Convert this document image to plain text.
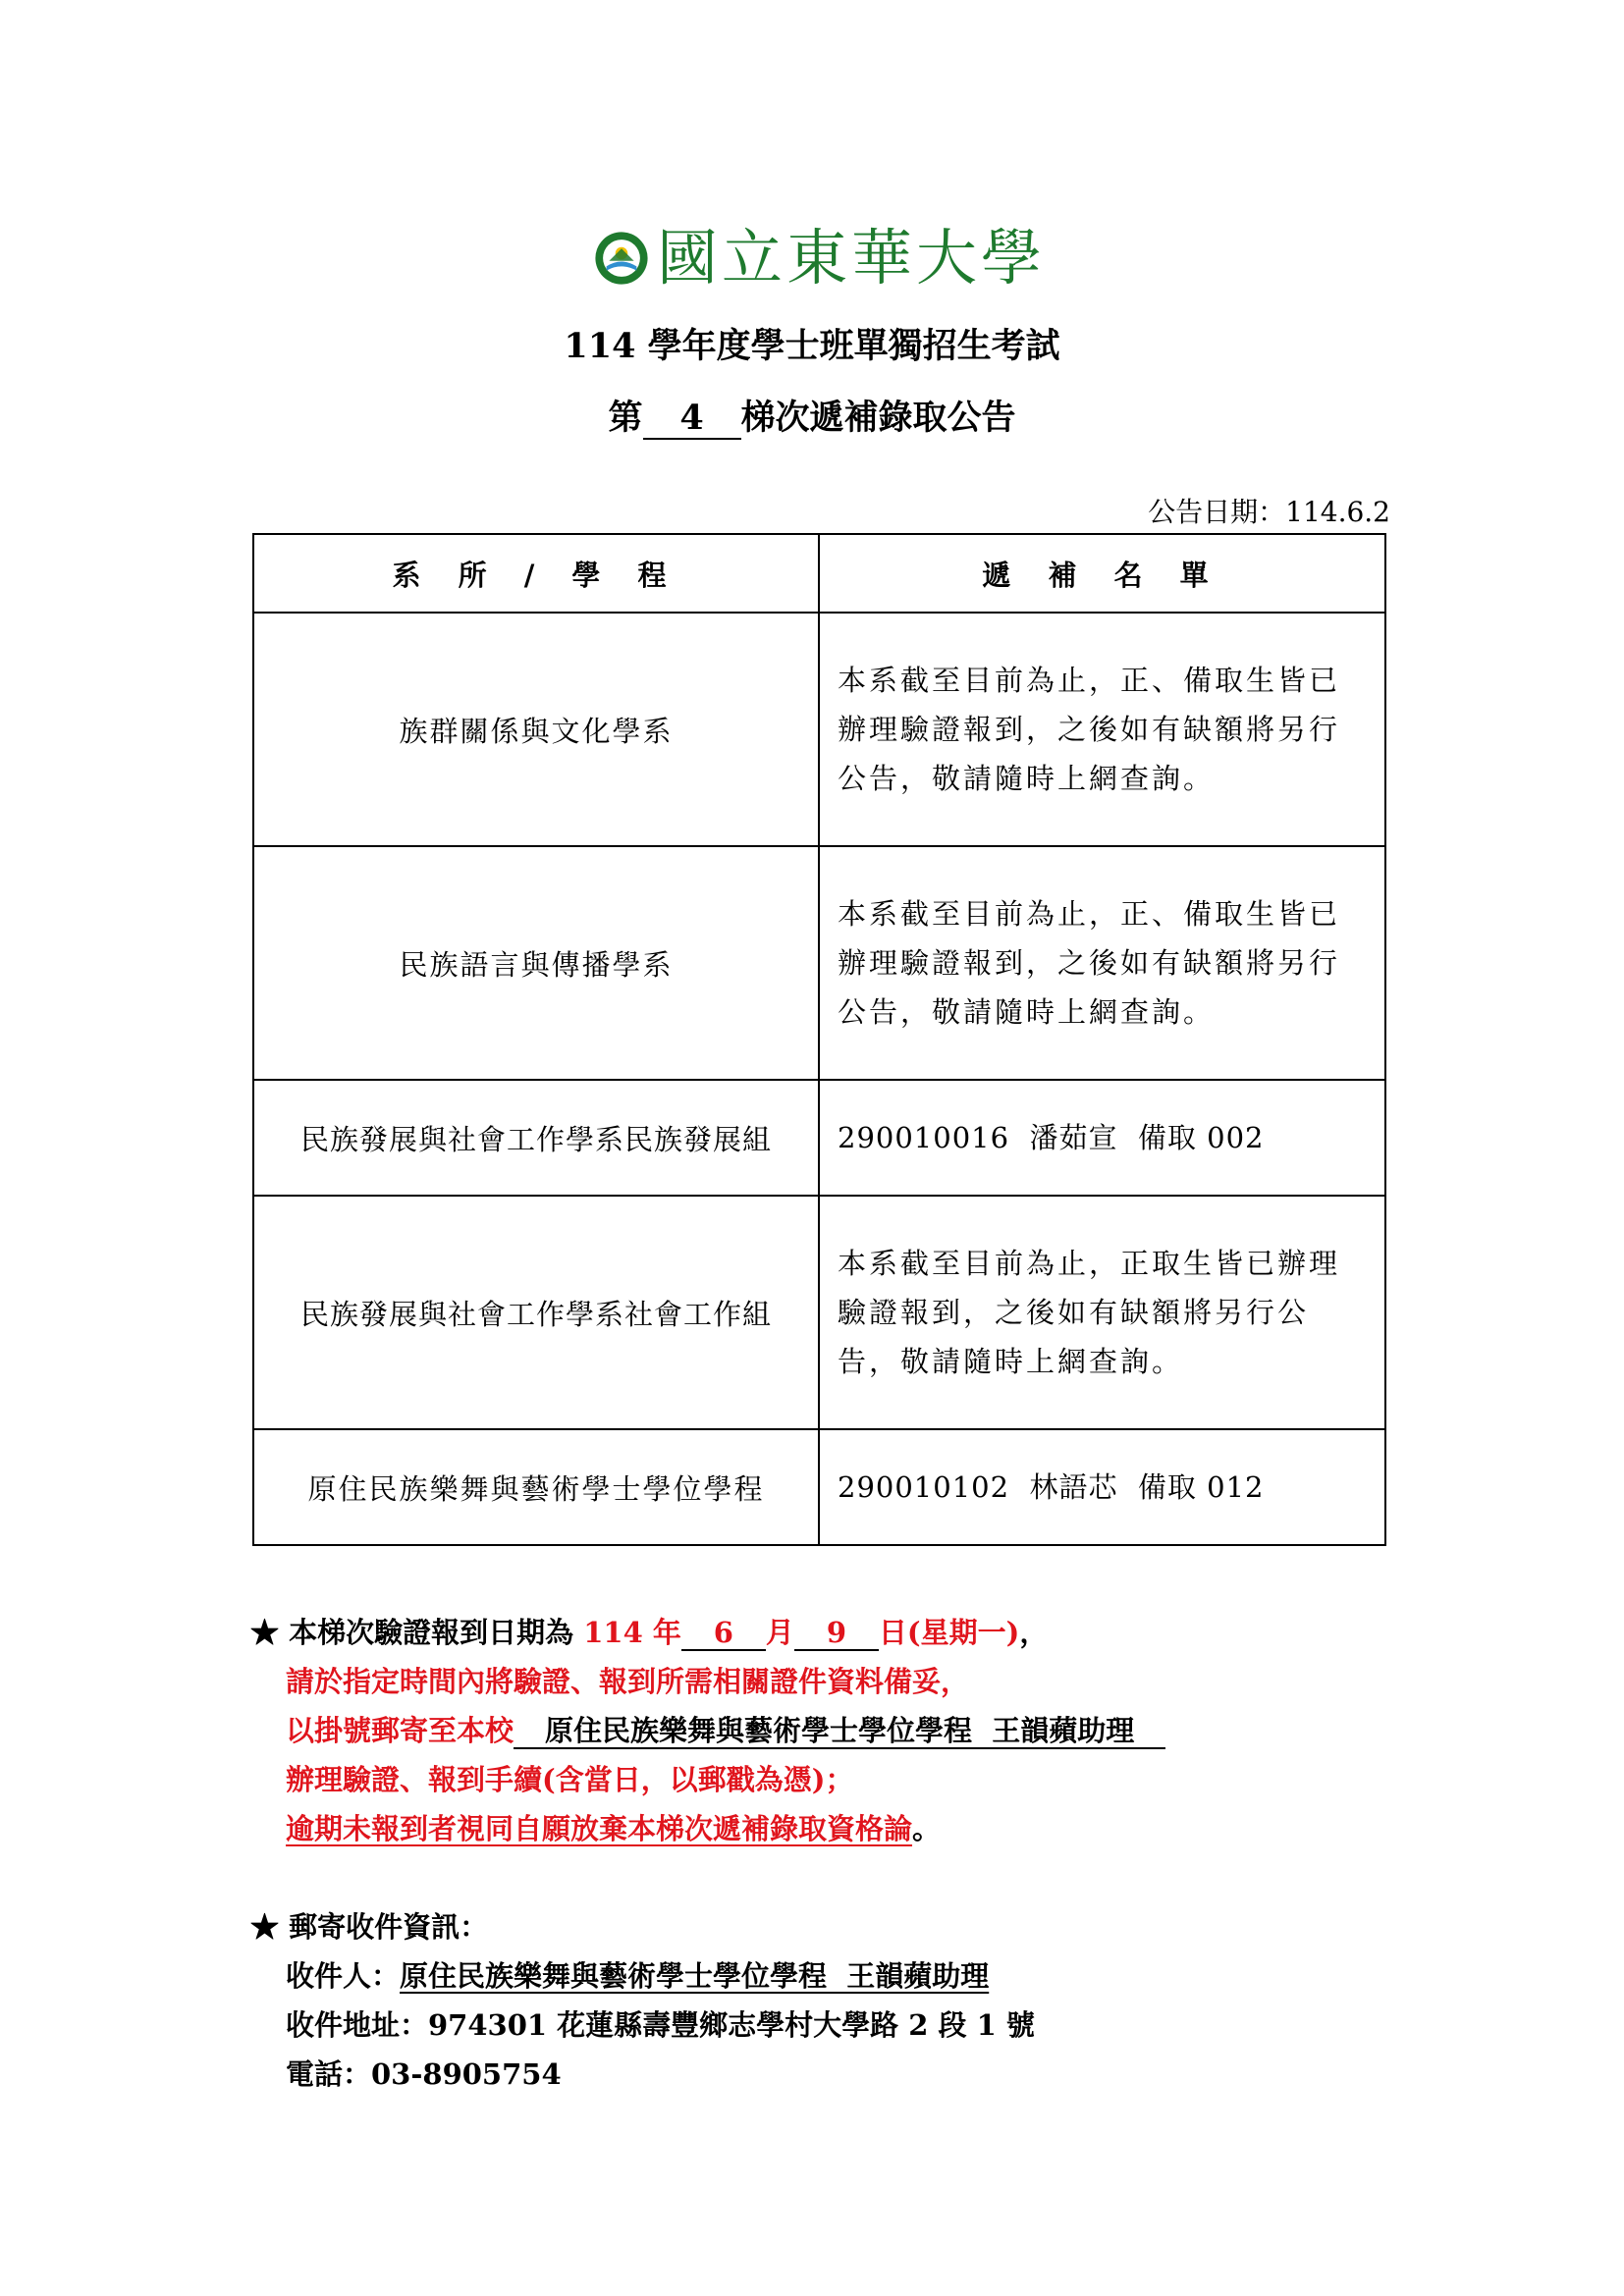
國立東華大學
114 學年度學士班單獨招生考試
第 4 梯次遞補錄取公告
公告日期：114.6.2
系 所 / 學 程	遞 補 名 單
族群關係與文化學系	本系截至目前為止，正、備取生皆已
辦理驗證報到，之後如有缺額將另行
公告，敬請隨時上網查詢。

民族語言與傳播學系	本系截至目前為止，正、備取生皆已
辦理驗證報到，之後如有缺額將另行
公告，敬請隨時上網查詢。

民族發展與社會工作學系民族發展組	290010016  潘茹宣  備取 002
民族發展與社會工作學系社會工作組	本系截至目前為止，正取生皆已辦理
驗證報到，之後如有缺額將另行公
告，敬請隨時上網查詢。

原住民族樂舞與藝術學士學位學程	290010102  林語芯  備取 012
★ 本梯次驗證報到日期為 114 年 6 月 9 日(星期一)，
請於指定時間內將驗證、報到所需相關證件資料備妥，
以掛號郵寄至本校 原住民族樂舞與藝術學士學位學程  王韻蘋助理
辦理驗證、報到手續(含當日，以郵戳為憑)；
逾期未報到者視同自願放棄本梯次遞補錄取資格論。
★ 郵寄收件資訊：
收件人：原住民族樂舞與藝術學士學位學程  王韻蘋助理
收件地址：974301 花蓮縣壽豐鄉志學村大學路 2 段 1 號
電話：03-8905754
